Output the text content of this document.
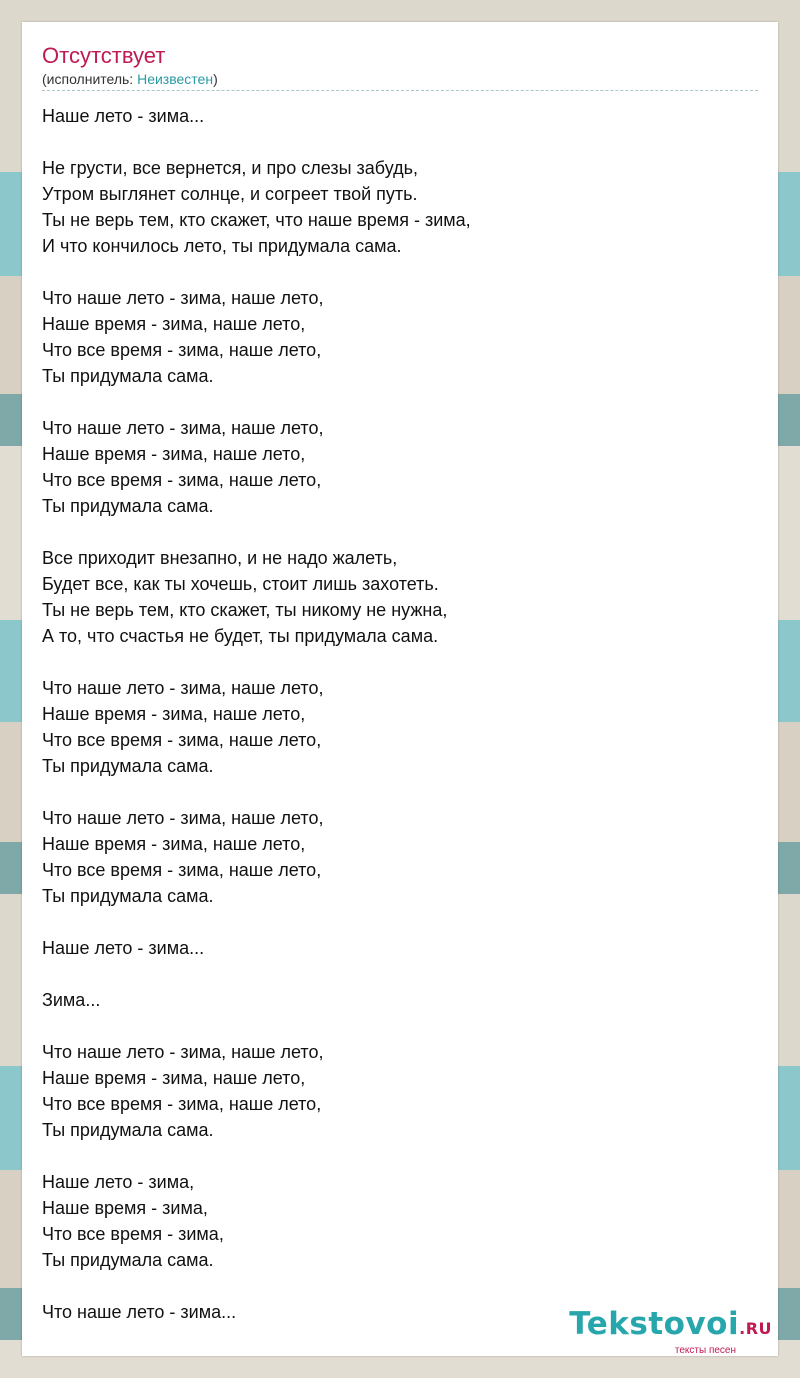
Отсутствует
(исполнитель: Неизвестен)
Наше лето - зима...
Не грусти, все вернется, и про слезы забудь,
Утром выглянет солнце, и согреет твой путь.
Ты не верь тем, кто скажет, что наше время - зима,
И что кончилось лето, ты придумала сама.
Что наше лето - зима, наше лето,
Наше время - зима, наше лето,
Что все время - зима, наше лето,
Ты придумала сама.
Что наше лето - зима, наше лето,
Наше время - зима, наше лето,
Что все время - зима, наше лето,
Ты придумала сама.
Все приходит внезапно, и не надо жалеть,
Будет все, как ты хочешь, стоит лишь захотеть.
Ты не верь тем, кто скажет, ты никому не нужна,
А то, что счастья не будет, ты придумала сама.
Что наше лето - зима, наше лето,
Наше время - зима, наше лето,
Что все время - зима, наше лето,
Ты придумала сама.
Что наше лето - зима, наше лето,
Наше время - зима, наше лето,
Что все время - зима, наше лето,
Ты придумала сама.
Наше лето - зима...
Зима...
Что наше лето - зима, наше лето,
Наше время - зима, наше лето,
Что все время - зима, наше лето,
Ты придумала сама.
Наше лето - зима,
Наше время - зима,
Что все время - зима,
Ты придумала сама.
Что наше лето - зима...	Tekstovoi.RU
тексты песен
